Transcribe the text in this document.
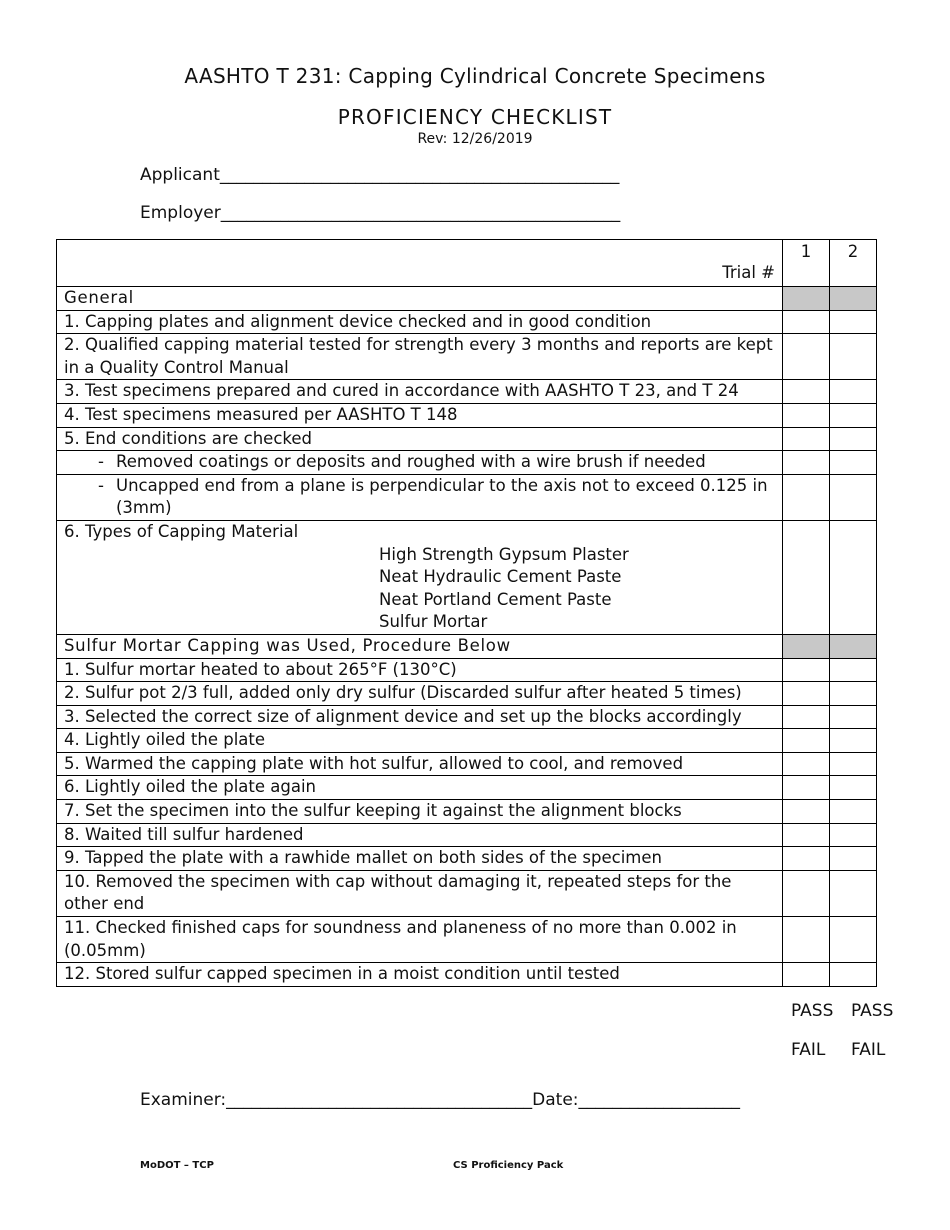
AASHTO T 231: Capping Cylindrical Concrete Specimens
PROFICIENCY CHECKLIST
Rev: 12/26/2019
Applicant_______________________________________________
Employer_______________________________________________
Trial #	1	2
General		
1. Capping plates and alignment device checked and in good condition		
2. Qualified capping material tested for strength every 3 months and reports are kept in a Quality Control Manual		
3. Test specimens prepared and cured in accordance with AASHTO T 23, and T 24		
4. Test specimens measured per AASHTO T 148		
5. End conditions are checked		

- Removed coatings or deposits and roughed with a wire brush if needed		

- Uncapped end from a plane is perpendicular to the axis not to exceed 0.125 in (3mm)		

6. Types of Capping Material
High Strength Gypsum Plaster
Neat Hydraulic Cement Paste
Neat Portland Cement Paste
Sulfur Mortar		

Sulfur Mortar Capping was Used, Procedure Below		
1. Sulfur mortar heated to about 265°F (130°C)		
2. Sulfur pot 2/3 full, added only dry sulfur (Discarded sulfur after heated 5 times)		
3. Selected the correct size of alignment device and set up the blocks accordingly		
4. Lightly oiled the plate		
5. Warmed the capping plate with hot sulfur, allowed to cool, and removed		
6. Lightly oiled the plate again		
7. Set the specimen into the sulfur keeping it against the alignment blocks		
8. Waited till sulfur hardened		
9. Tapped the plate with a rawhide mallet on both sides of the specimen		
10. Removed the specimen with cap without damaging it, repeated steps for the other end		
11. Checked finished caps for soundness and planeness of no more than 0.002 in (0.05mm)		
12. Stored sulfur capped specimen in a moist condition until tested		
PASS PASS
FAIL FAIL
Examiner:____________________________________Date:___________________
MoDOT – TCP	CS Proficiency Pack
